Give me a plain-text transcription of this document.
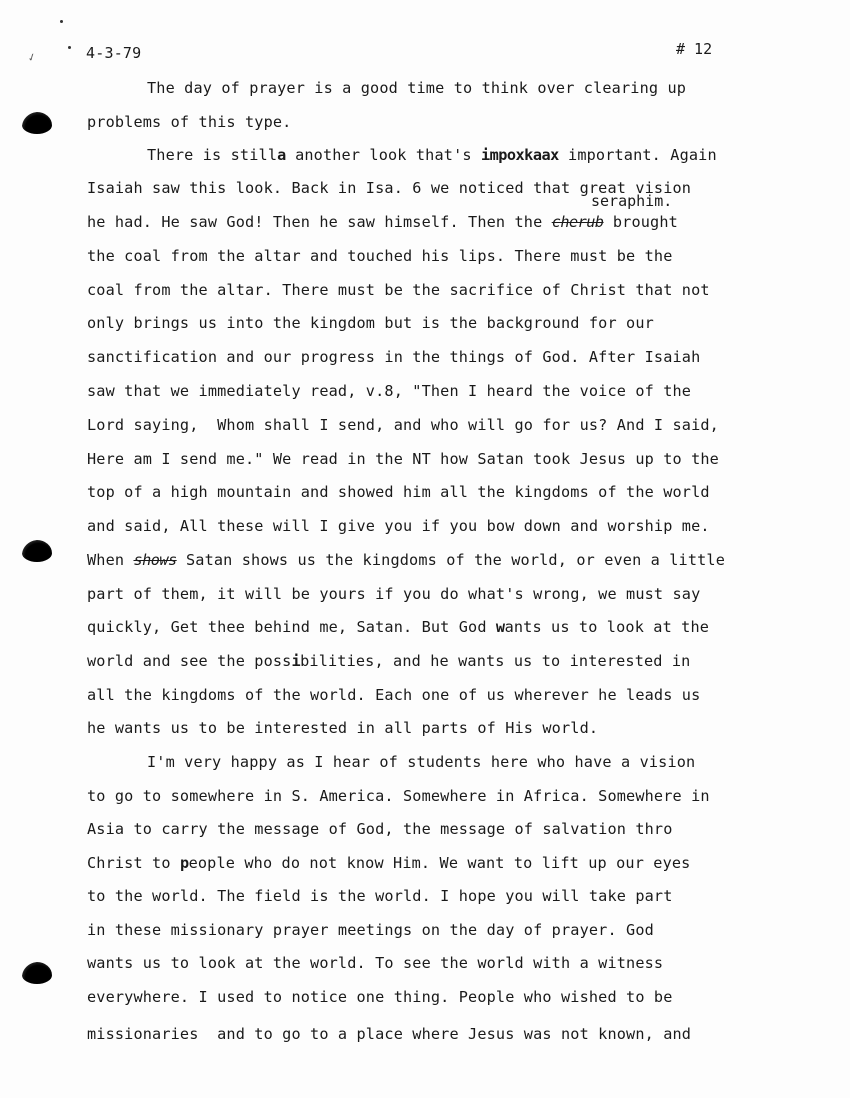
✓	4-3-79	# 12
seraphim.
The day of prayer is a good time to think over clearing up
problems of this type.
There is stilla another look that's impoxkaax important. Again
Isaiah saw this look. Back in Isa. 6 we noticed that great vision
he had. He saw God! Then he saw himself. Then the cherub brought
the coal from the altar and touched his lips. There must be the
coal from the altar. There must be the sacrifice of Christ that not
only brings us into the kingdom but is the background for our
sanctification and our progress in the things of God. After Isaiah
saw that we immediately read, v.8, "Then I heard the voice of the
Lord saying,  Whom shall I send, and who will go for us? And I said,
Here am I send me." We read in the NT how Satan took Jesus up to the
top of a high mountain and showed him all the kingdoms of the world
and said, All these will I give you if you bow down and worship me.
When shows Satan shows us the kingdoms of the world, or even a little
part of them, it will be yours if you do what's wrong, we must say
quickly, Get thee behind me, Satan. But God wants us to look at the
world and see the possibilities, and he wants us to interested in
all the kingdoms of the world. Each one of us wherever he leads us
he wants us to be interested in all parts of His world.
I'm very happy as I hear of students here who have a vision
to go to somewhere in S. America. Somewhere in Africa. Somewhere in
Asia to carry the message of God, the message of salvation thro
Christ to people who do not know Him. We want to lift up our eyes
to the world. The field is the world. I hope you will take part
in these missionary prayer meetings on the day of prayer. God
wants us to look at the world. To see the world with a witness
everywhere. I used to notice one thing. People who wished to be
missionaries  and to go to a place where Jesus was not known, and
